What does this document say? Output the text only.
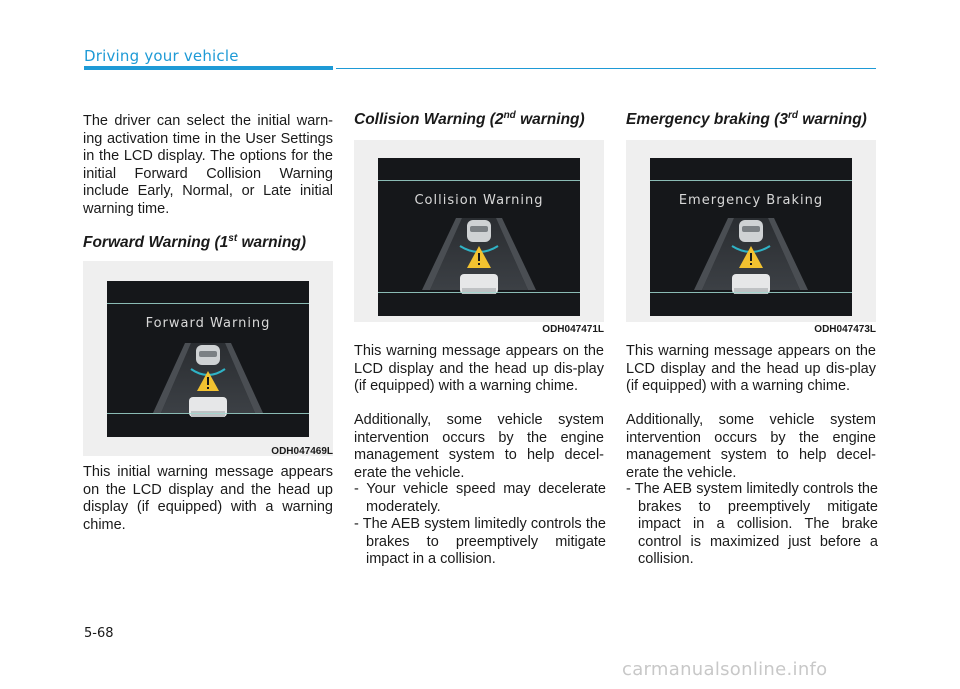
Driving your vehicle

The driver can select the initial warn-ing activation time in the User Settings in the LCD display. The options for the initial Forward Collision Warning include Early, Normal, or Late initial warning time.

Forward Warning (1st warning)
Forward Warning
ODH047469L

This initial warning message appears on the LCD display and the head up display (if equipped) with a warning chime.

Collision Warning (2nd warning)
Collision Warning
ODH047471L

This warning message appears on the LCD display and the head up dis-play (if equipped) with a warning chime.

Additionally, some vehicle system intervention occurs by the engine management system to help decel-erate the vehicle.

- Your vehicle speed may decelerate moderately.

- The AEB system limitedly controls the brakes to preemptively mitigate impact in a collision.

Emergency braking (3rd warning)
Emergency Braking
ODH047473L

This warning message appears on the LCD display and the head up dis-play (if equipped) with a warning chime.

Additionally, some vehicle system intervention occurs by the engine management system to help decel-erate the vehicle.

- The AEB system limitedly controls the brakes to preemptively mitigate impact in a collision. The brake control is maximized just before a collision.

5-68
carmanualsonline.info
